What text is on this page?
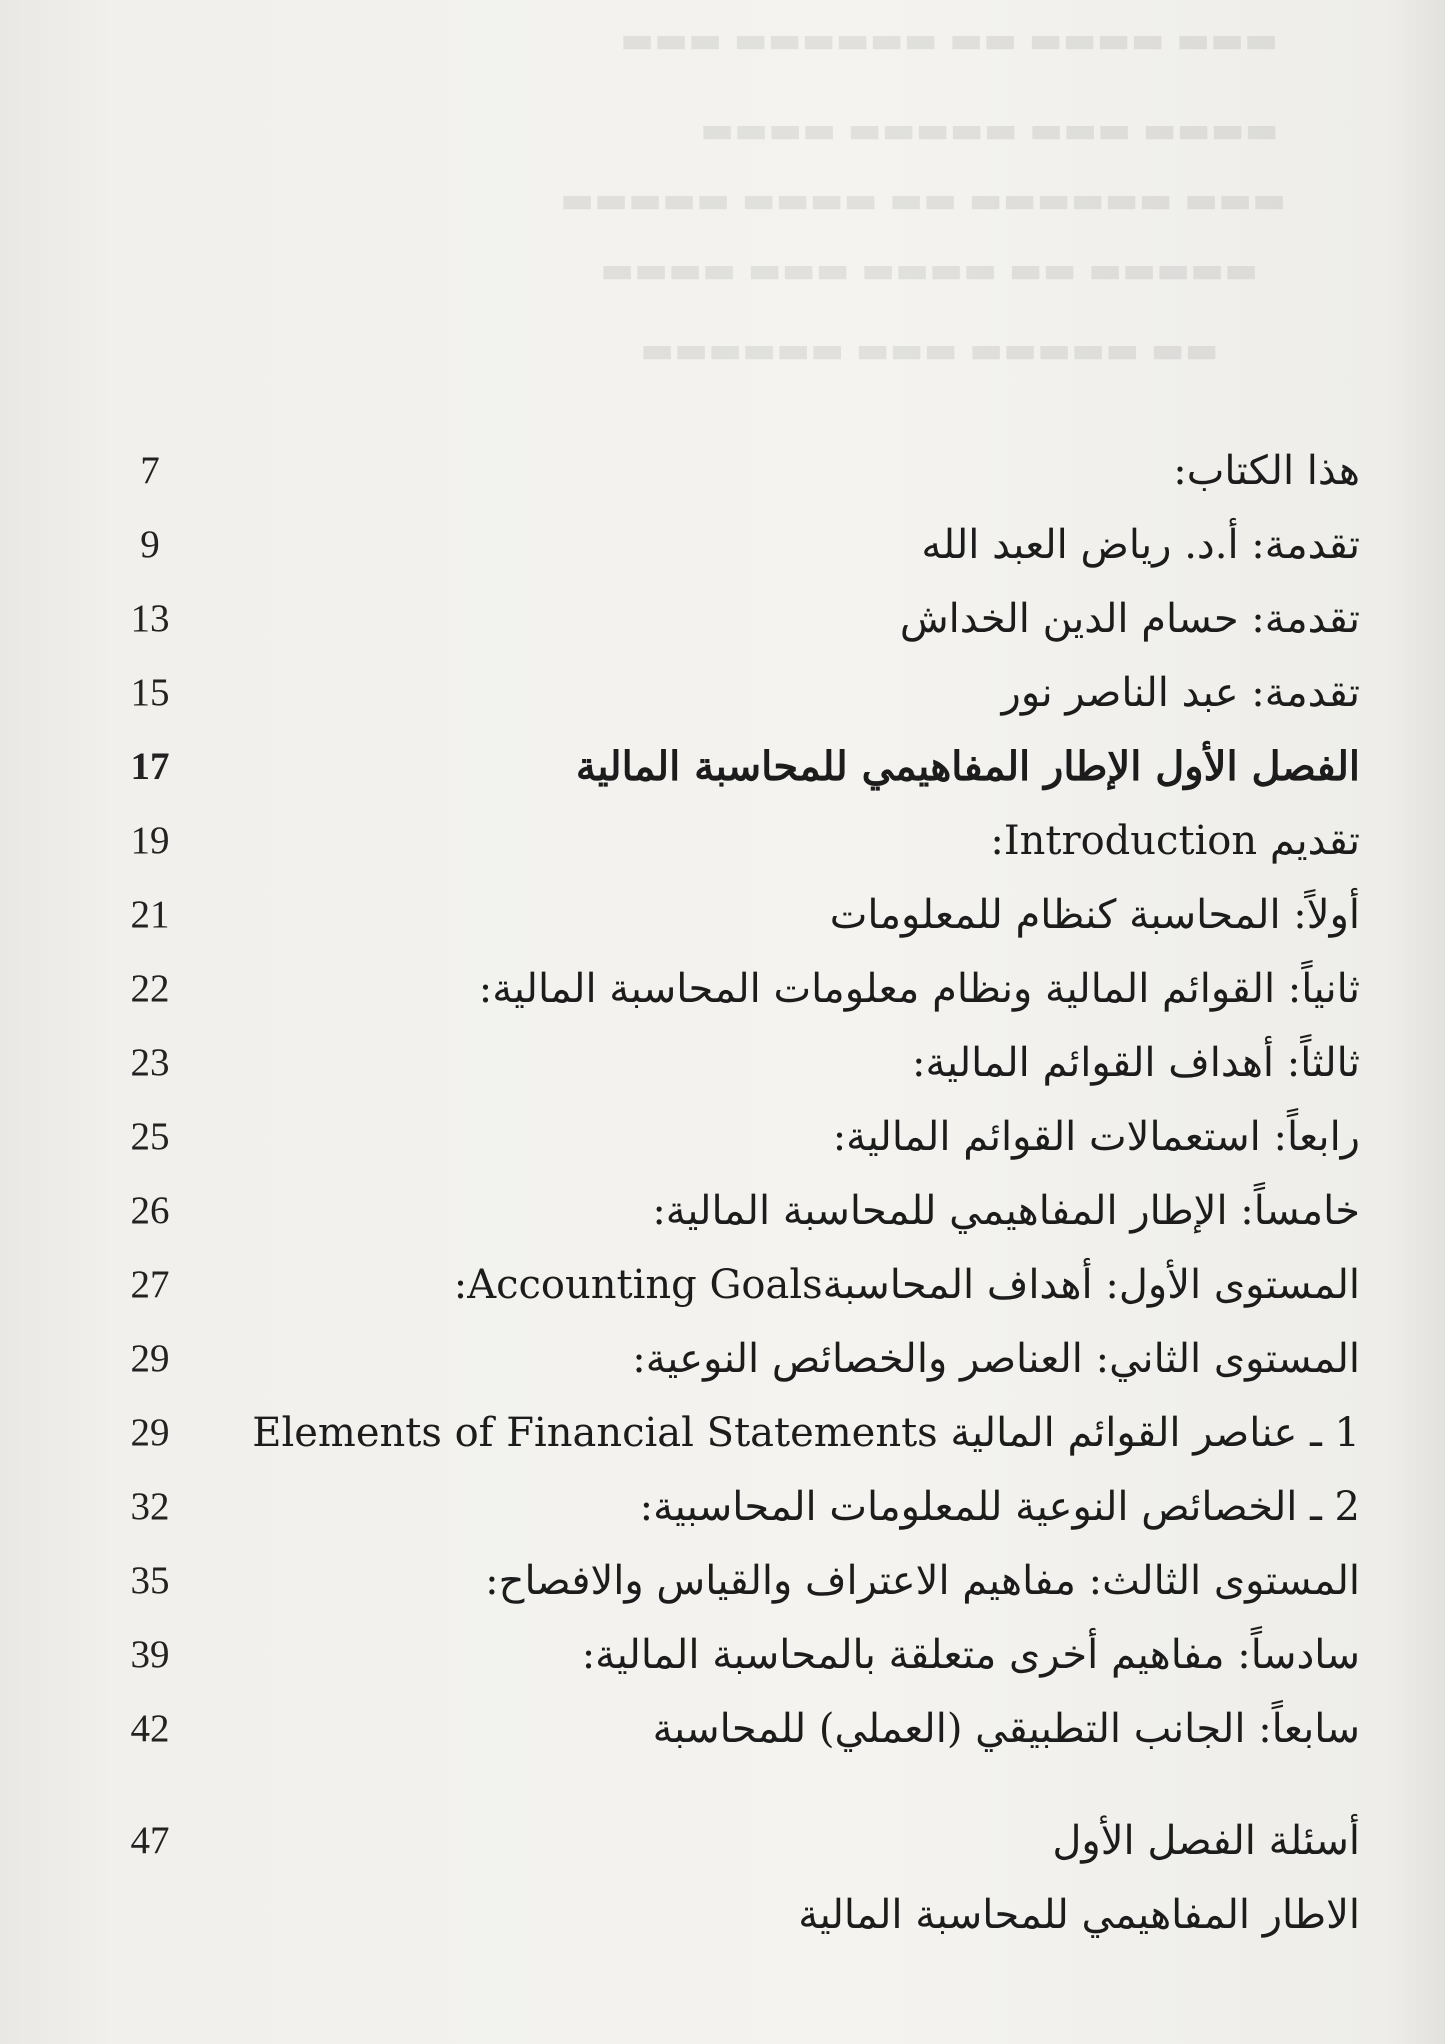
▬▬▬ ▬▬▬▬ ▬▬ ▬▬▬▬▬▬ ▬▬▬
▬▬▬▬ ▬▬▬ ▬▬▬▬▬ ▬▬▬▬
▬▬▬ ▬▬▬▬▬▬ ▬▬ ▬▬▬▬ ▬▬▬▬▬
▬▬▬▬▬ ▬▬ ▬▬▬▬ ▬▬▬ ▬▬▬▬
▬▬ ▬▬▬▬▬ ▬▬▬ ▬▬▬▬▬▬
7	هذا الكتاب:
9	تقدمة: أ.د. رياض العبد الله
13	تقدمة: حسام الدين الخداش
15	تقدمة: عبد الناصر نور
17	الفصل الأول الإطار المفاهيمي للمحاسبة المالية
19	تقديم Introduction:
21	أولاً: المحاسبة كنظام للمعلومات
22	ثانياً: القوائم المالية ونظام معلومات المحاسبة المالية:
23	ثالثاً: أهداف القوائم المالية:
25	رابعاً: استعمالات القوائم المالية:
26	خامساً: الإطار المفاهيمي للمحاسبة المالية:
27	المستوى الأول: أهداف المحاسبةAccounting Goals:
29	المستوى الثاني: العناصر والخصائص النوعية:
29	1 ـ عناصر القوائم المالية Elements of Financial Statements
32	2 ـ الخصائص النوعية للمعلومات المحاسبية:
35	المستوى الثالث: مفاهيم الاعتراف والقياس والافصاح:
39	سادساً: مفاهيم أخرى متعلقة بالمحاسبة المالية:
42	سابعاً: الجانب التطبيقي (العملي) للمحاسبة
47	أسئلة الفصل الأول
الاطار المفاهيمي للمحاسبة المالية
